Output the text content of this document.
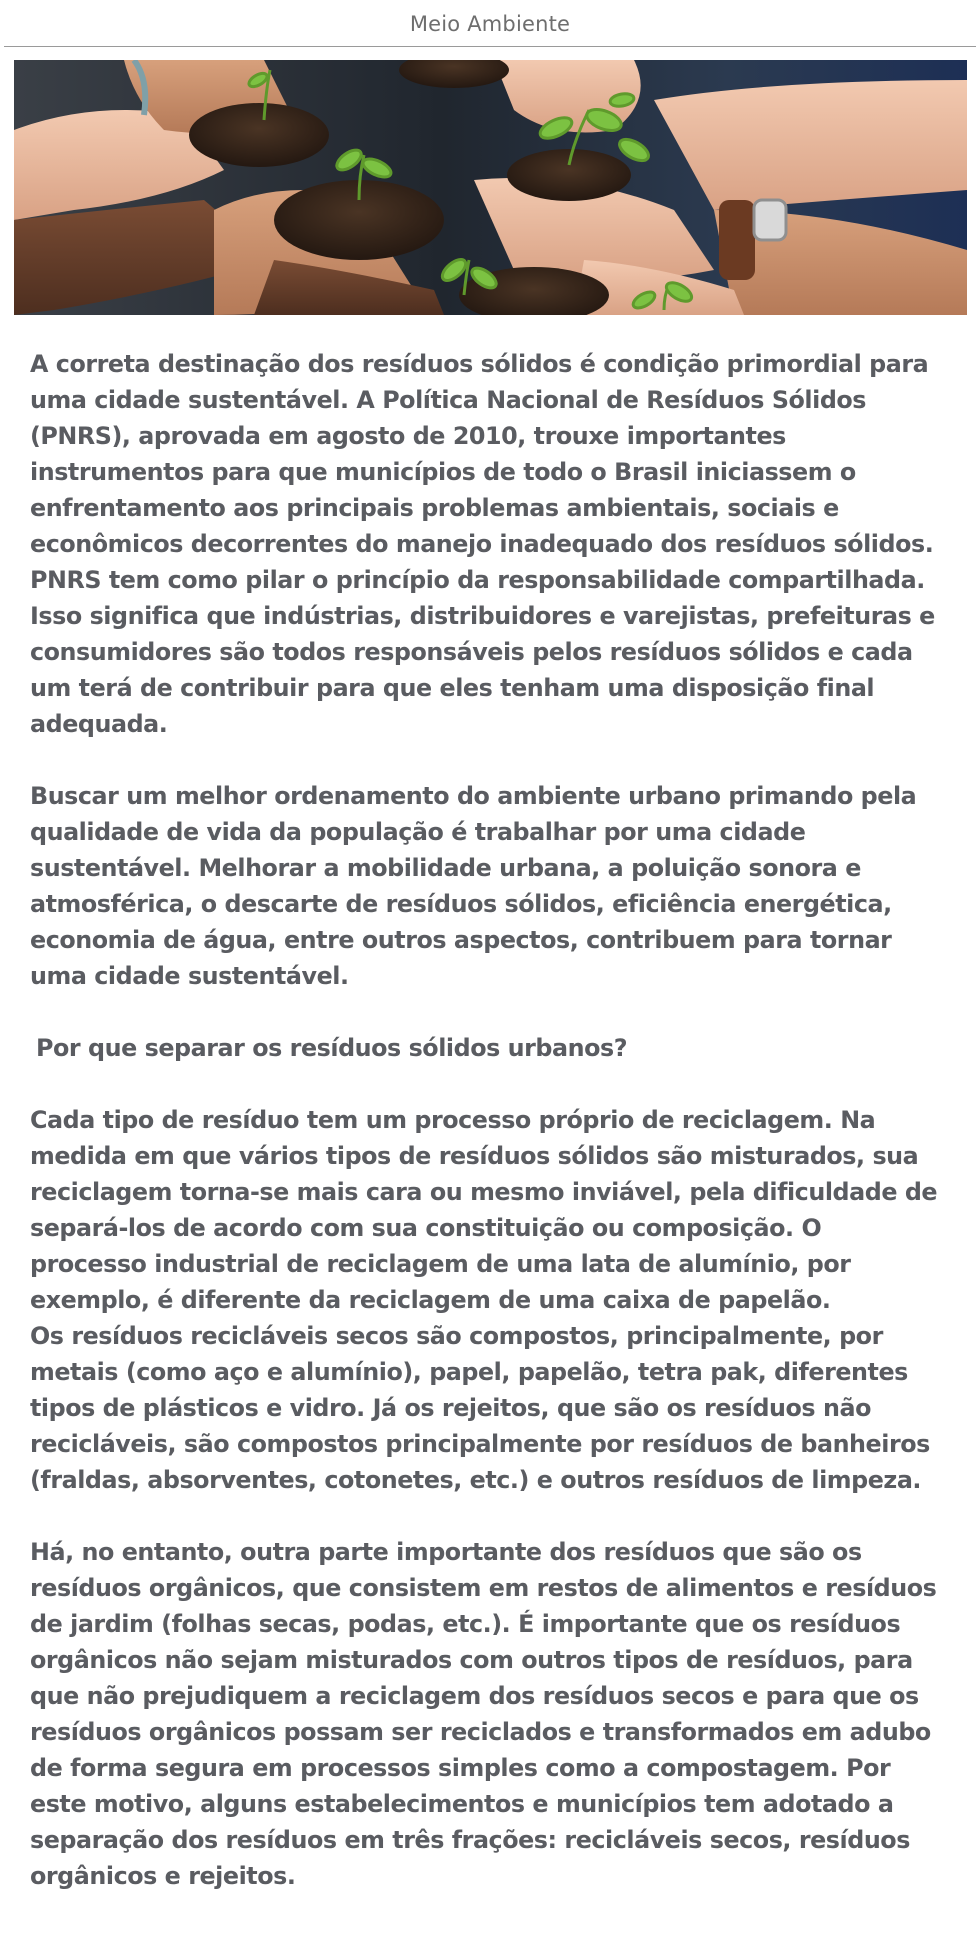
Meio Ambiente

A correta destinação dos resíduos sólidos é condição primordial para
uma cidade sustentável. A Política Nacional de Resíduos Sólidos
(PNRS), aprovada em agosto de 2010, trouxe importantes
instrumentos para que municípios de todo o Brasil iniciassem o
enfrentamento aos principais problemas ambientais, sociais e
econômicos decorrentes do manejo inadequado dos resíduos sólidos.
PNRS tem como pilar o princípio da responsabilidade compartilhada.
Isso significa que indústrias, distribuidores e varejistas, prefeituras e
consumidores são todos responsáveis pelos resíduos sólidos e cada
um terá de contribuir para que eles tenham uma disposição final
adequada.

Buscar um melhor ordenamento do ambiente urbano primando pela
qualidade de vida da população é trabalhar por uma cidade
sustentável. Melhorar a mobilidade urbana, a poluição sonora e
atmosférica, o descarte de resíduos sólidos, eficiência energética,
economia de água, entre outros aspectos, contribuem para tornar
uma cidade sustentável.

Por que separar os resíduos sólidos urbanos?

Cada tipo de resíduo tem um processo próprio de reciclagem. Na
medida em que vários tipos de resíduos sólidos são misturados, sua
reciclagem torna-se mais cara ou mesmo inviável, pela dificuldade de
separá-los de acordo com sua constituição ou composição. O
processo industrial de reciclagem de uma lata de alumínio, por
exemplo, é diferente da reciclagem de uma caixa de papelão.
Os resíduos recicláveis secos são compostos, principalmente, por
metais (como aço e alumínio), papel, papelão, tetra pak, diferentes
tipos de plásticos e vidro. Já os rejeitos, que são os resíduos não
recicláveis, são compostos principalmente por resíduos de banheiros
(fraldas, absorventes, cotonetes, etc.) e outros resíduos de limpeza.

Há, no entanto, outra parte importante dos resíduos que são os
resíduos orgânicos, que consistem em restos de alimentos e resíduos
de jardim (folhas secas, podas, etc.). É importante que os resíduos
orgânicos não sejam misturados com outros tipos de resíduos, para
que não prejudiquem a reciclagem dos resíduos secos e para que os
resíduos orgânicos possam ser reciclados e transformados em adubo
de forma segura em processos simples como a compostagem. Por
este motivo, alguns estabelecimentos e municípios tem adotado a
separação dos resíduos em três frações: recicláveis secos, resíduos
orgânicos e rejeitos.
